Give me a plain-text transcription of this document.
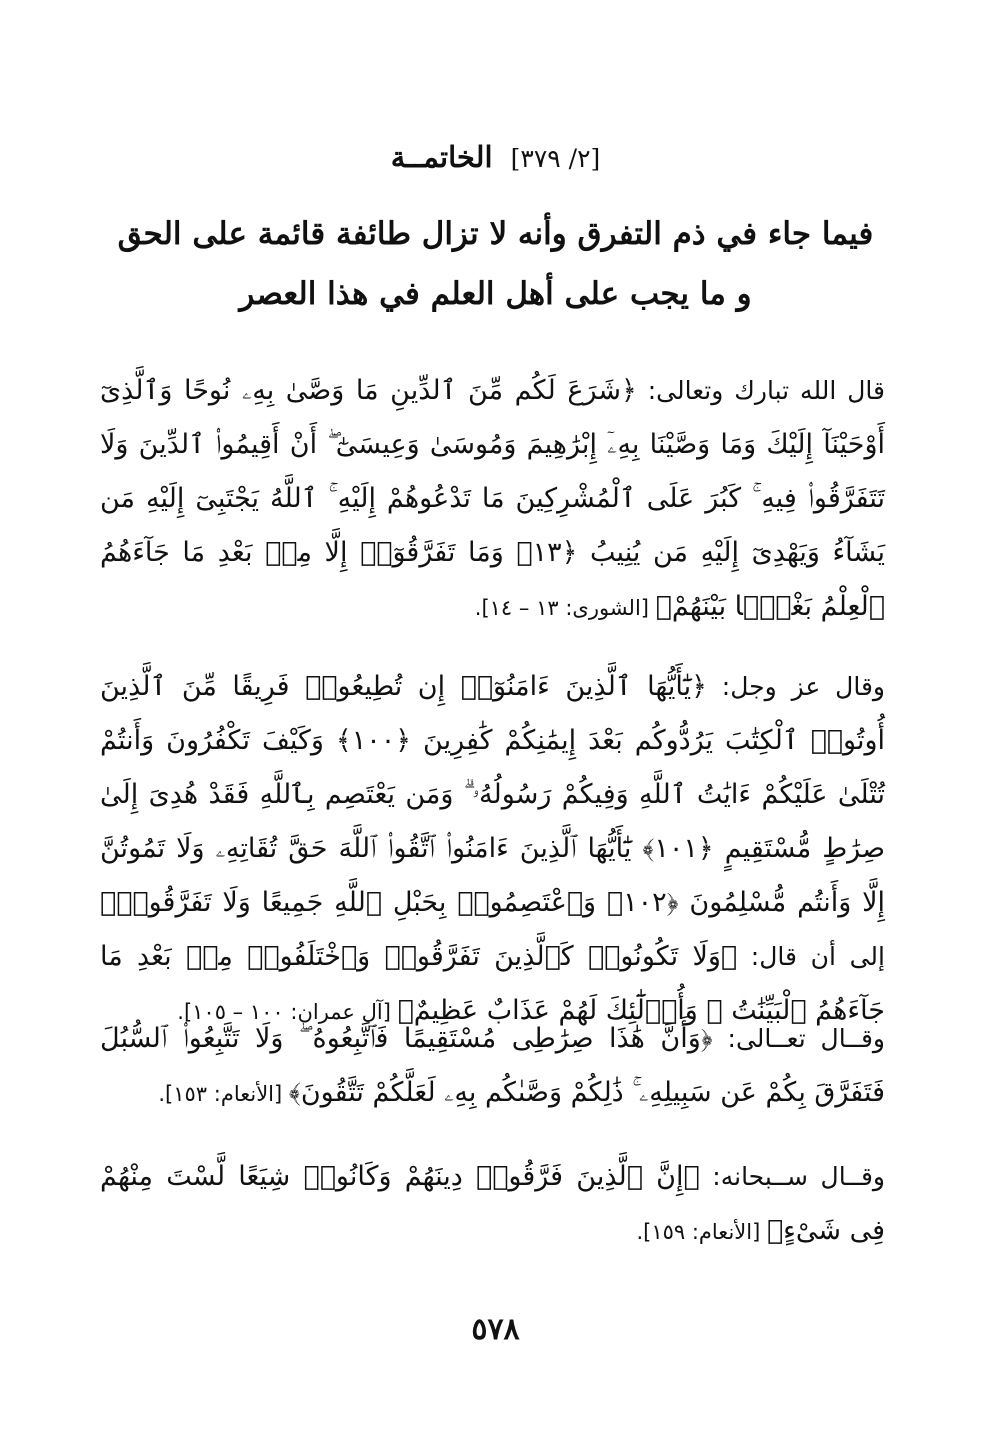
[٢/ ٣٧٩] الخاتمــة

فيما جاء في ذم التفرق وأنه لا تزال طائفة قائمة على الحق

و ما يجب على أهل العلم في هذا العصر

قال الله تبارك وتعالى: ﴿شَرَعَ لَكُم مِّنَ ٱلدِّينِ مَا وَصَّىٰ بِهِۦ نُوحًا وَٱلَّذِىٓ أَوْحَيْنَآ إِلَيْكَ وَمَا وَصَّيْنَا بِهِۦٓ إِبْرَٰهِيمَ وَمُوسَىٰ وَعِيسَىٰٓ ۖ أَنْ أَقِيمُوا۟ ٱلدِّينَ وَلَا تَتَفَرَّقُوا۟ فِيهِ ۚ كَبُرَ عَلَى ٱلْمُشْرِكِينَ مَا تَدْعُوهُمْ إِلَيْهِ ۚ ٱللَّهُ يَجْتَبِىٓ إِلَيْهِ مَن يَشَآءُ وَيَهْدِىٓ إِلَيْهِ مَن يُنِيبُ ﴿١٣﴾ وَمَا تَفَرَّقُوٓا۟ إِلَّا مِنۢ بَعْدِ مَا جَآءَهُمُ ٱلْعِلْمُ بَغْيًۢا بَيْنَهُمْ﴾ [الشورى: ١٣ – ١٤].

وقال عز وجل: ﴿يَٰٓأَيُّهَا ٱلَّذِينَ ءَامَنُوٓا۟ إِن تُطِيعُوا۟ فَرِيقًا مِّنَ ٱلَّذِينَ أُوتُوا۟ ٱلْكِتَٰبَ يَرُدُّوكُم بَعْدَ إِيمَٰنِكُمْ كَٰفِرِينَ ﴿١٠٠﴾ وَكَيْفَ تَكْفُرُونَ وَأَنتُمْ تُتْلَىٰ عَلَيْكُمْ ءَايَٰتُ ٱللَّهِ وَفِيكُمْ رَسُولُهُۥ ۗ وَمَن يَعْتَصِم بِٱللَّهِ فَقَدْ هُدِىَ إِلَىٰ صِرَٰطٍ مُّسْتَقِيمٍ ﴿١٠١﴾ يَٰٓأَيُّهَا ٱلَّذِينَ ءَامَنُوا۟ ٱتَّقُوا۟ ٱللَّهَ حَقَّ تُقَاتِهِۦ وَلَا تَمُوتُنَّ إِلَّا وَأَنتُم مُّسْلِمُونَ ﴿١٠٢﴾ وَٱعْتَصِمُوا۟ بِحَبْلِ ٱللَّهِ جَمِيعًا وَلَا تَفَرَّقُوا۟﴾ إلى أن قال: ﴿وَلَا تَكُونُوا۟ كَٱلَّذِينَ تَفَرَّقُوا۟ وَٱخْتَلَفُوا۟ مِنۢ بَعْدِ مَا جَآءَهُمُ ٱلْبَيِّنَٰتُ ۚ وَأُو۟لَٰٓئِكَ لَهُمْ عَذَابٌ عَظِيمٌ﴾ [آل عمران: ١٠٠ – ١٠٥].

وقــال تعــالى: ﴿وَأَنَّ هَٰذَا صِرَٰطِى مُسْتَقِيمًا فَٱتَّبِعُوهُ ۖ وَلَا تَتَّبِعُوا۟ ٱلسُّبُلَ فَتَفَرَّقَ بِكُمْ عَن سَبِيلِهِۦ ۚ ذَٰلِكُمْ وَصَّىٰكُم بِهِۦ لَعَلَّكُمْ تَتَّقُونَ﴾ [الأنعام: ١٥٣].

وقــال ســبحانه: ﴿إِنَّ ٱلَّذِينَ فَرَّقُوا۟ دِينَهُمْ وَكَانُوا۟ شِيَعًا لَّسْتَ مِنْهُمْ فِى شَىْءٍ﴾ [الأنعام: ١٥٩].

٥٧٨
